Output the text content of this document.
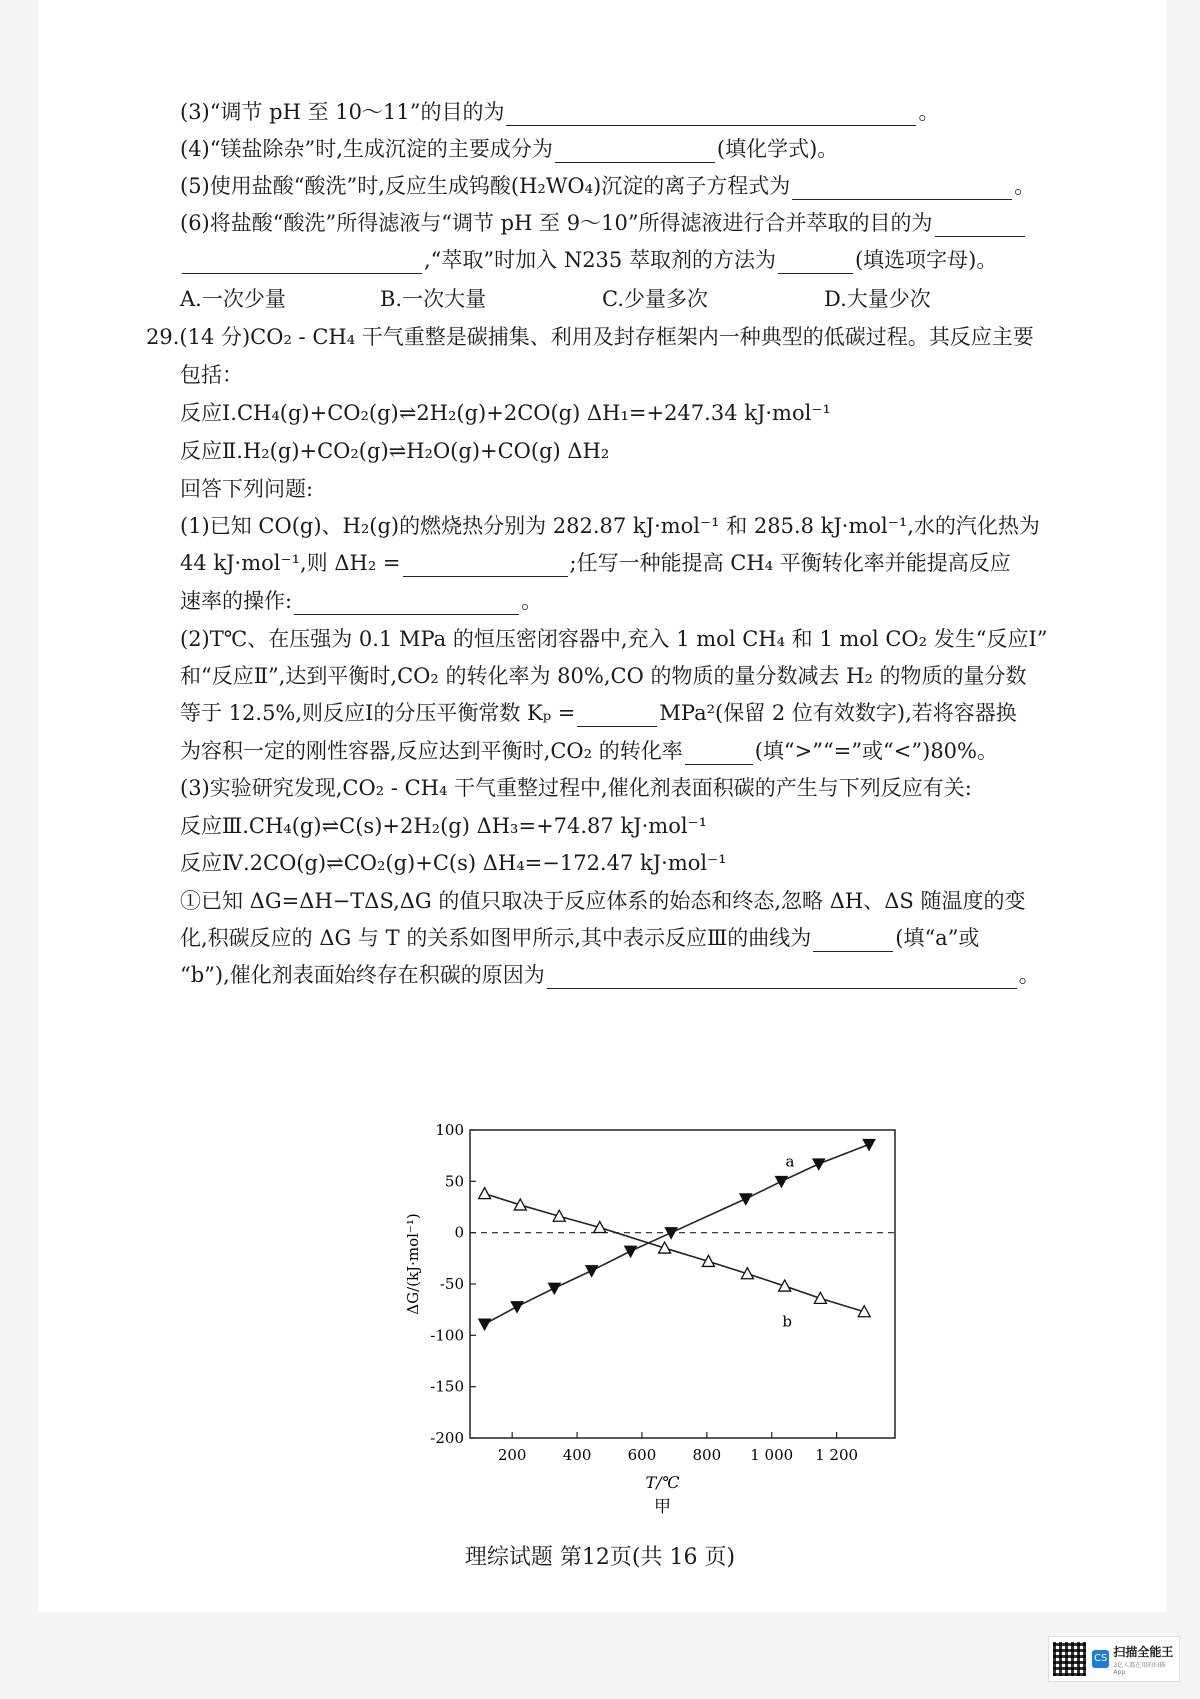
(3)“调节 pH 至 10～11”的目的为	。
(4)“镁盐除杂”时,生成沉淀的主要成分为	(填化学式)。
(5)使用盐酸“酸洗”时,反应生成钨酸(H₂WO₄)沉淀的离子方程式为	。
(6)将盐酸“酸洗”所得滤液与“调节 pH 至 9～10”所得滤液进行合并萃取的目的为
,“萃取”时加入 N235 萃取剂的方法为	(填选项字母)。
A.一次少量	B.一次大量	C.少量多次	D.大量少次
29.(14 分)CO₂ - CH₄ 干气重整是碳捕集、利用及封存框架内一种典型的低碳过程。其反应主要
包括：
反应Ⅰ.CH₄(g)+CO₂(g)⇌2H₂(g)+2CO(g) ΔH₁=+247.34 kJ·mol⁻¹
反应Ⅱ.H₂(g)+CO₂(g)⇌H₂O(g)+CO(g) ΔH₂
回答下列问题:
(1)已知 CO(g)、H₂(g)的燃烧热分别为 282.87 kJ·mol⁻¹ 和 285.8 kJ·mol⁻¹,水的汽化热为
44 kJ·mol⁻¹,则 ΔH₂ =	;任写一种能提高 CH₄ 平衡转化率并能提高反应
速率的操作:	。
(2)T℃、在压强为 0.1 MPa 的恒压密闭容器中,充入 1 mol CH₄ 和 1 mol CO₂ 发生“反应Ⅰ”
和“反应Ⅱ”,达到平衡时,CO₂ 的转化率为 80%,CO 的物质的量分数减去 H₂ 的物质的量分数
等于 12.5%,则反应Ⅰ的分压平衡常数 Kₚ =	MPa²(保留 2 位有效数字),若将容器换
为容积一定的刚性容器,反应达到平衡时,CO₂ 的转化率	(填“>”“=”或“<”)80%。
(3)实验研究发现,CO₂ - CH₄ 干气重整过程中,催化剂表面积碳的产生与下列反应有关:
反应Ⅲ.CH₄(g)⇌C(s)+2H₂(g) ΔH₃=+74.87 kJ·mol⁻¹
反应Ⅳ.2CO(g)⇌CO₂(g)+C(s) ΔH₄=−172.47 kJ·mol⁻¹
①已知 ΔG=ΔH−TΔS,ΔG 的值只取决于反应体系的始态和终态,忽略 ΔH、ΔS 随温度的变
化,积碳反应的 ΔG 与 T 的关系如图甲所示,其中表示反应Ⅲ的曲线为	(填“a”或
“b”),催化剂表面始终存在积碳的原因为	。
100
50
0
-50
-100
-150
-200
200 400 600 800 1 000 1 200
T/℃
甲
ΔG/(kJ·mol⁻¹)
a
b
理综试题 第12页(共 16 页)
CS 扫描全能王
3亿人都在用的扫描App
